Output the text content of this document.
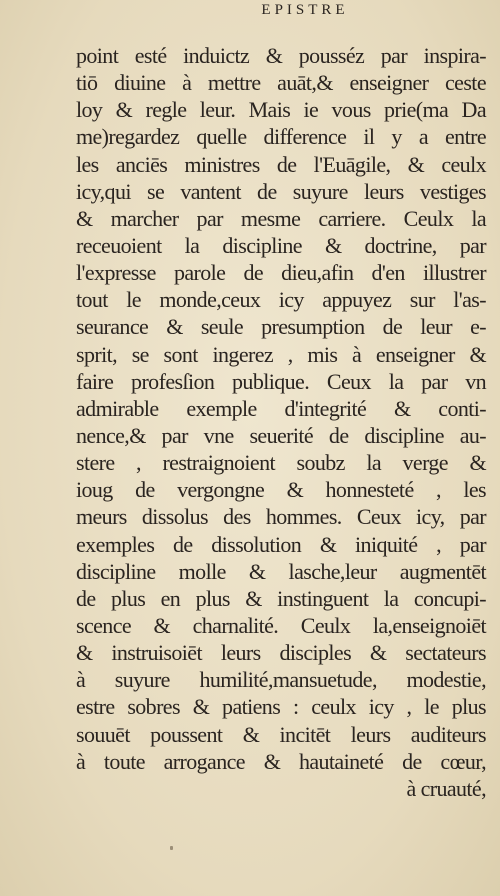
EPISTRE
point esté induictz & pousséz par inspira-
tiō diuine à mettre auāt,& enseigner ceste
loy & regle leur. Mais ie vous prie(ma Da
me)regardez quelle difference il y a entre
les anciēs ministres de l'Euāgile, & ceulx
icy,qui se vantent de suyure leurs vestiges
& marcher par mesme carriere. Ceulx la
receuoient la discipline & doctrine, par
l'expresse parole de dieu,afin d'en illustrer
tout le monde,ceux icy appuyez sur l'as-
seurance & seule presumption de leur e-
sprit, se sont ingerez , mis à enseigner &
faire profesſion publique. Ceux la par vn
admirable exemple d'integrité & conti-
nence,& par vne seuerité de discipline au-
stere , restraignoient soubz la verge &
ioug de vergongne & honnesteté , les
meurs dissolus des hommes. Ceux icy, par
exemples de dissolution & iniquité , par
discipline molle & lasche,leur augmentēt
de plus en plus & instinguent la concupi-
scence & charnalité. Ceulx la,enseignoiēt
& instruisoiēt leurs disciples & sectateurs
à suyure humilité,mansuetude, modestie,
estre sobres & patiens : ceulx icy , le plus
souuēt poussent & incitēt leurs auditeurs
à toute arrogance & hautaineté de cœur,
à cruauté,
